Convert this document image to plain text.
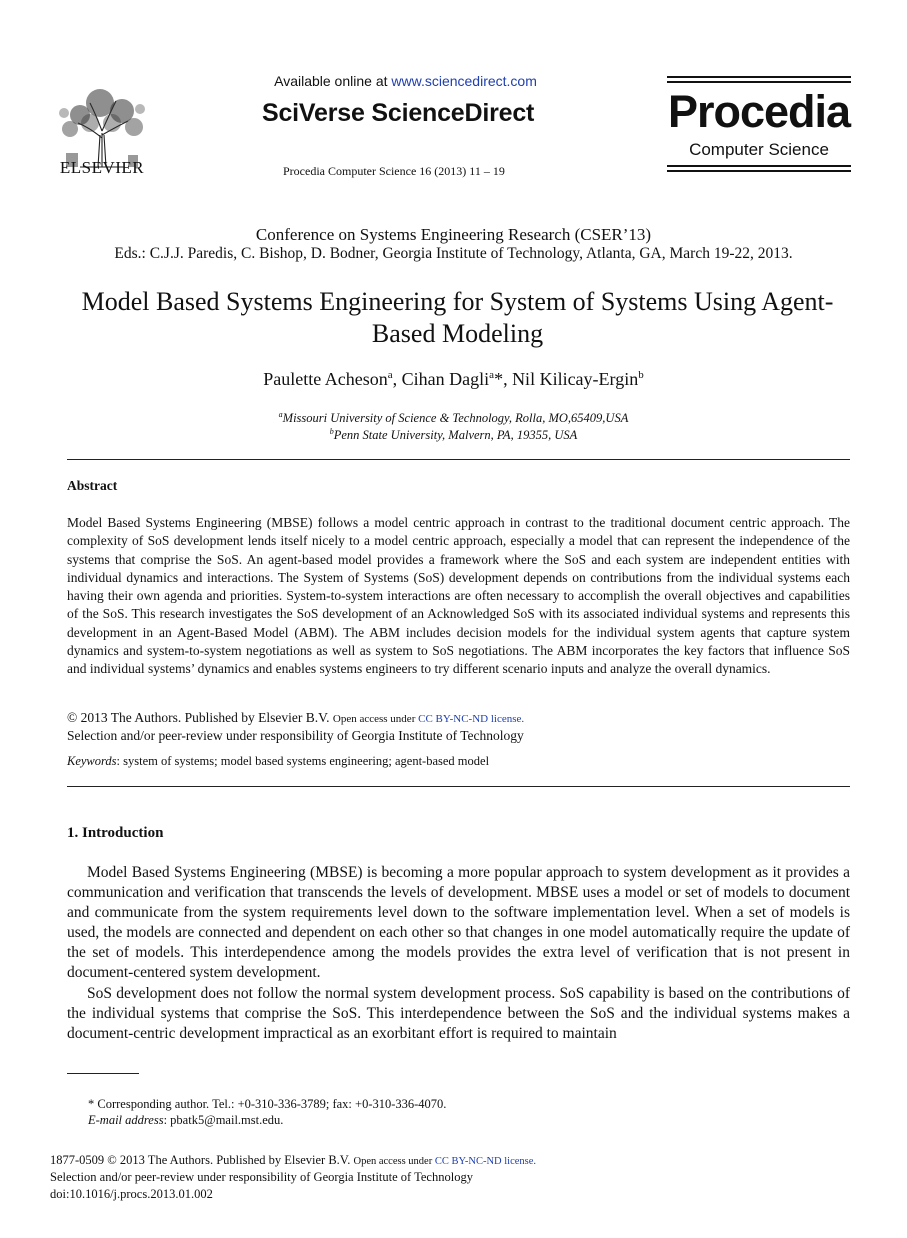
ELSEVIER
Available online at www.sciencedirect.com
SciVerse ScienceDirect
Procedia Computer Science 16 (2013) 11 – 19
Procedia
Computer Science
Conference on Systems Engineering Research (CSER’13)
Eds.: C.J.J. Paredis, C. Bishop, D. Bodner, Georgia Institute of Technology, Atlanta, GA, March 19-22, 2013.
Model Based Systems Engineering for System of Systems Using Agent-Based Modeling
Paulette Acheson$^a$, Cihan Dagli$^a$*, Nil Kilicay-Ergin$^b$
$^a$Missouri University of Science & Technology, Rolla, MO,65409,USA
$^b$Penn State University, Malvern, PA, 19355, USA
Abstract
Model Based Systems Engineering (MBSE) follows a model centric approach in contrast to the traditional document centric approach. The complexity of SoS development lends itself nicely to a model centric approach, especially a model that can represent the independence of the systems that comprise the SoS. An agent-based model provides a framework where the SoS and each system are independent entities with individual dynamics and interactions. The System of Systems (SoS) development depends on contributions from the individual systems each having their own agenda and priorities. System-to-system interactions are often necessary to accomplish the overall objectives and capabilities of the SoS. This research investigates the SoS development of an Acknowledged SoS with its associated individual systems and represents this development in an Agent-Based Model (ABM). The ABM includes decision models for the individual system agents that capture system dynamics and system-to-system negotiations as well as system to SoS negotiations. The ABM incorporates the key factors that influence SoS and individual systems’ dynamics and enables systems engineers to try different scenario inputs and analyze the overall dynamics.
© 2013 The Authors. Published by Elsevier B.V. Open access under CC BY-NC-ND license.
Selection and/or peer-review under responsibility of Georgia Institute of Technology
Keywords: system of systems; model based systems engineering; agent-based model
1. Introduction
Model Based Systems Engineering (MBSE) is becoming a more popular approach to system development as it provides a communication and verification that transcends the levels of development. MBSE uses a model or set of models to document and communicate from the system requirements level down to the software implementation level. When a set of models is used, the models are connected and dependent on each other so that changes in one model automatically require the update of the set of models. This interdependence among the models provides the extra level of verification that is not present in document-centered system development.
SoS development does not follow the normal system development process. SoS capability is based on the contributions of the individual systems that comprise the SoS. This interdependence between the SoS and the individual systems makes a document-centric development impractical as an exorbitant effort is required to maintain
* Corresponding author. Tel.: +0-310-336-3789; fax: +0-310-336-4070.
E-mail address: pbatk5@mail.mst.edu.
1877-0509 © 2013 The Authors. Published by Elsevier B.V. Open access under CC BY-NC-ND license.
Selection and/or peer-review under responsibility of Georgia Institute of Technology
doi:10.1016/j.procs.2013.01.002
